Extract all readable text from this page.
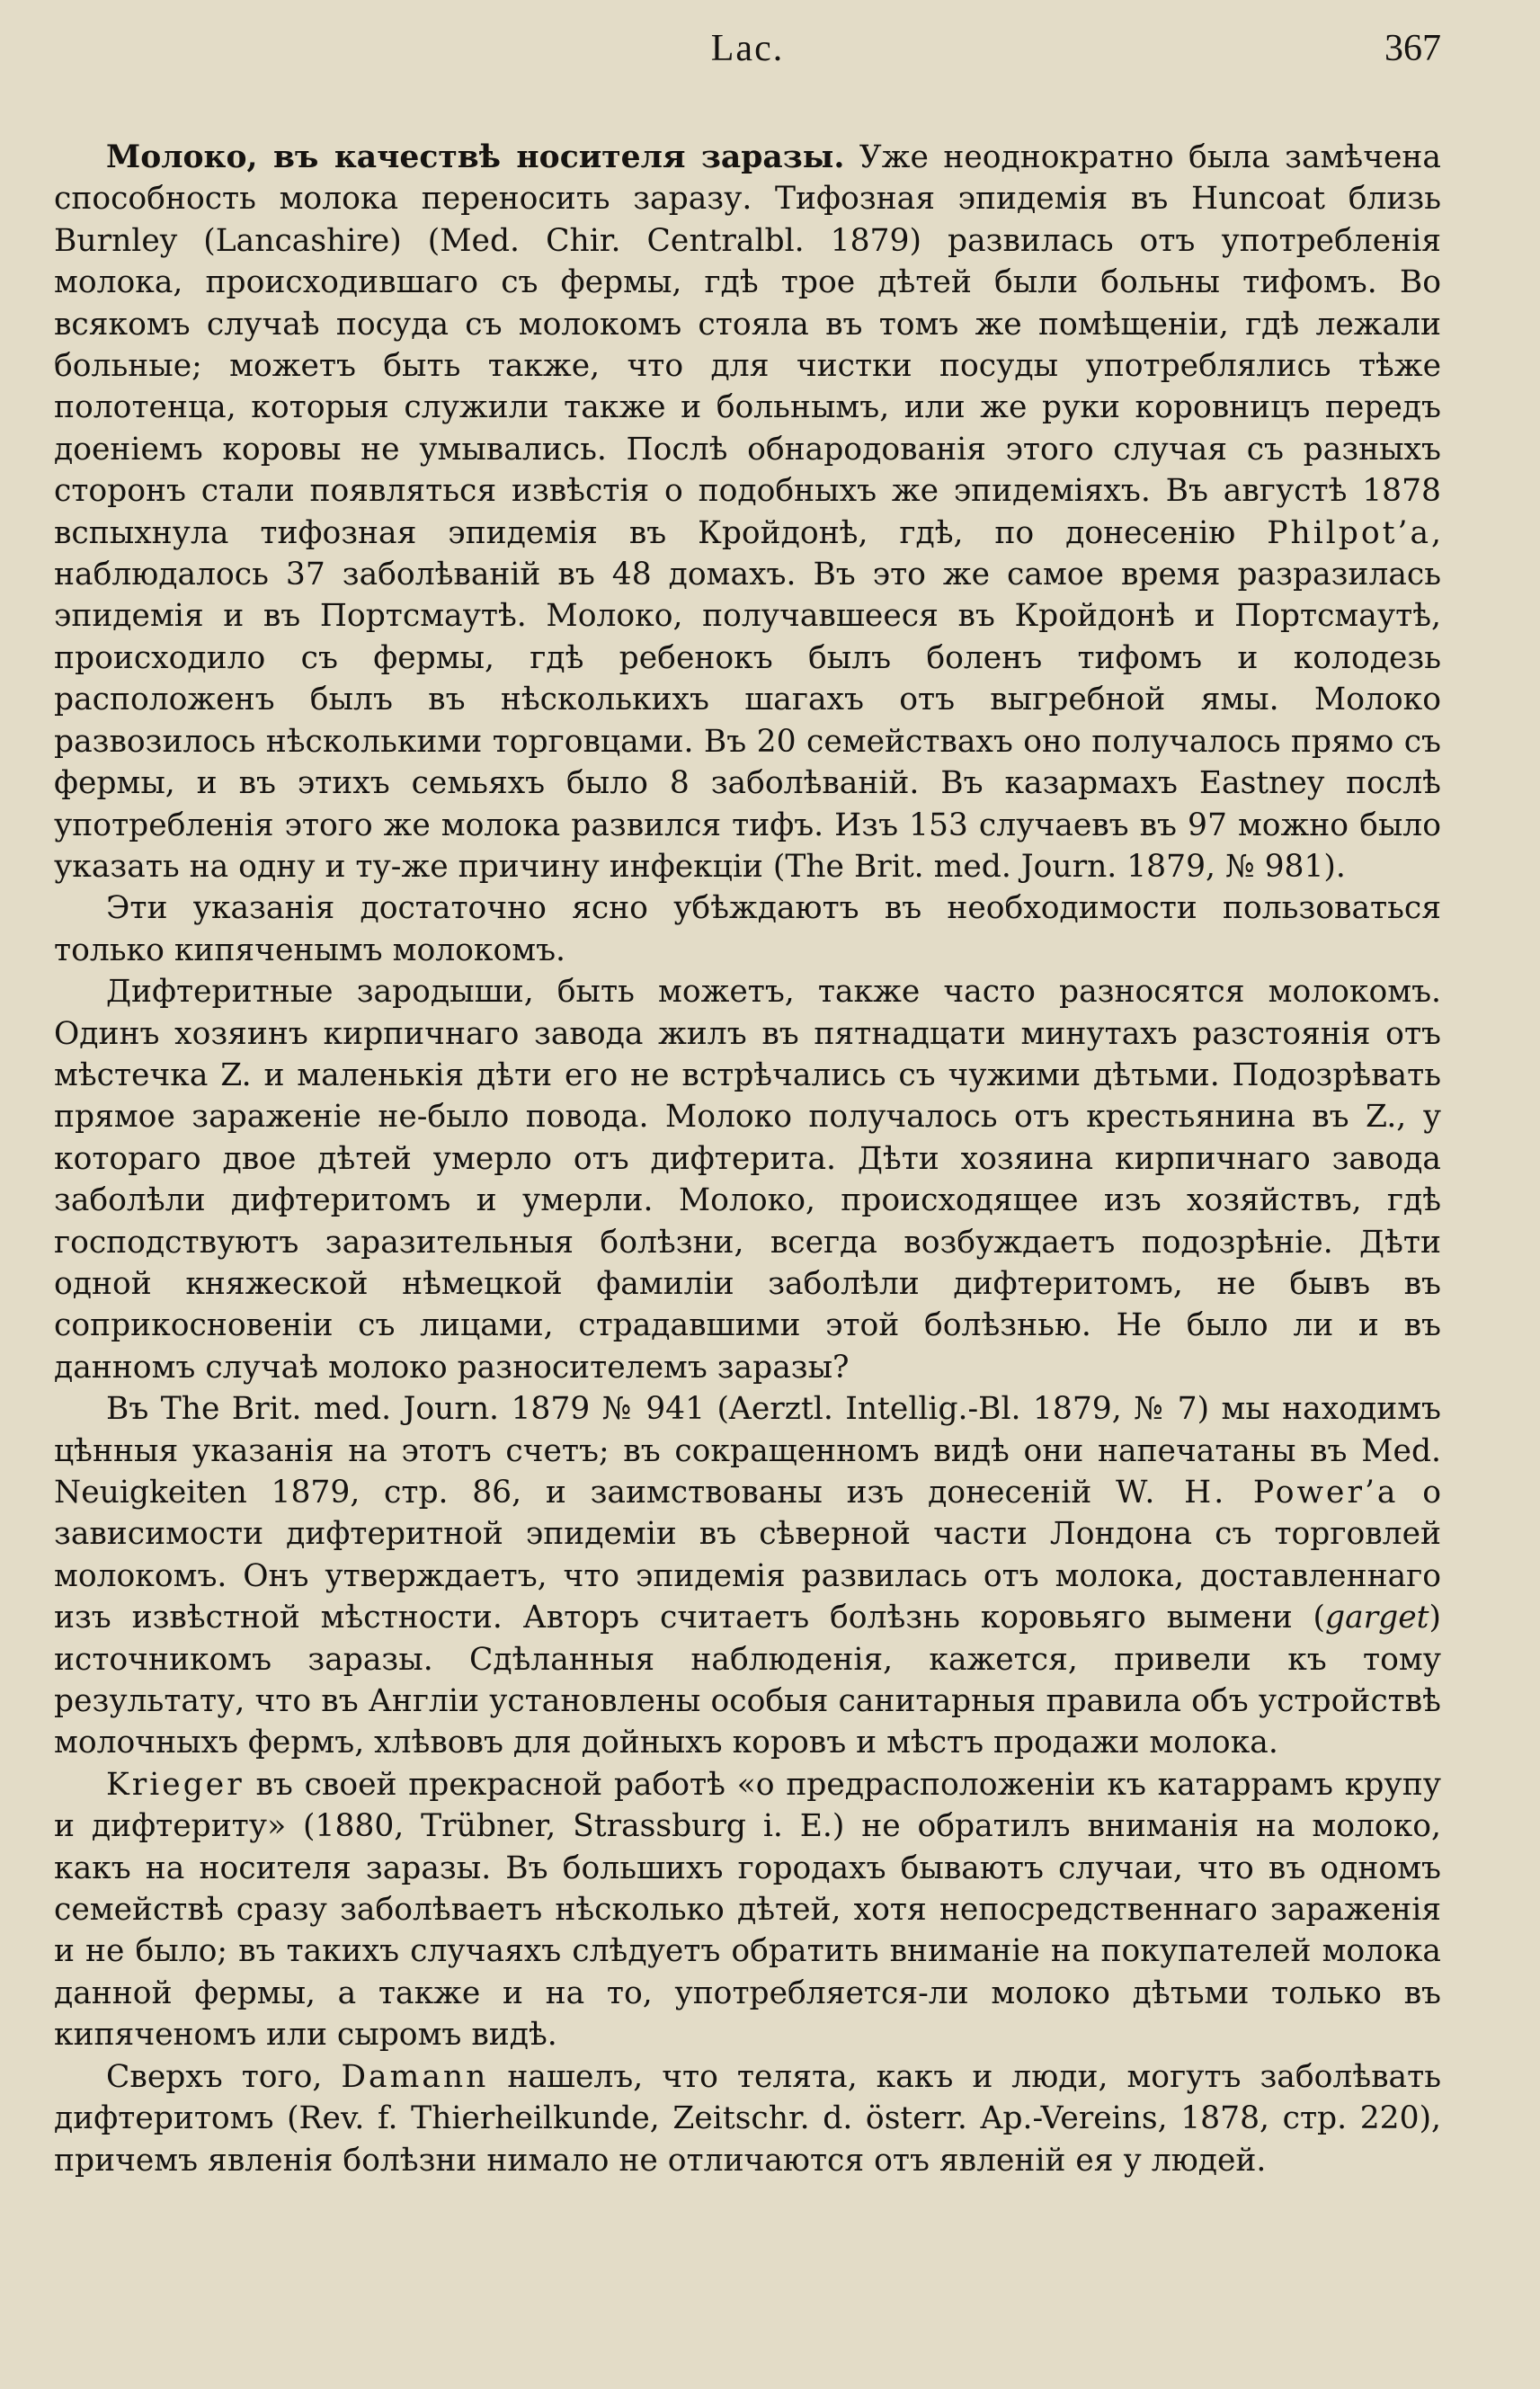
Lac.	367

Молоко, въ качествѣ носителя заразы. Уже неоднократно была замѣчена способность молока переносить заразу. Тифозная эпидемія въ Huncoat близь Burnley (Lancashire) (Med. Chir. Centralbl. 1879) развилась отъ употребленія молока, происходившаго съ фермы, гдѣ трое дѣтей были больны тифомъ. Во всякомъ случаѣ посуда съ молокомъ стояла въ томъ же помѣщеніи, гдѣ лежали больные; можетъ быть также, что для чистки посуды употреблялись тѣже полотенца, которыя служили также и больнымъ, или же руки коровницъ передъ доеніемъ коровы не умывались. Послѣ обнародованія этого случая съ разныхъ сторонъ стали появляться извѣстія о подобныхъ же эпидеміяхъ. Въ августѣ 1878 вспыхнула тифозная эпидемія въ Кройдонѣ, гдѣ, по донесенію Philpot’a, наблюдалось 37 заболѣваній въ 48 домахъ. Въ это же самое время разразилась эпидемія и въ Портсмаутѣ. Молоко, получавшееся въ Кройдонѣ и Портсмаутѣ, происходило съ фермы, гдѣ ребенокъ былъ боленъ тифомъ и колодезь расположенъ былъ въ нѣсколькихъ шагахъ отъ выгребной ямы. Молоко развозилось нѣсколькими торговцами. Въ 20 семействахъ оно получалось прямо съ фермы, и въ этихъ семьяхъ было 8 заболѣваній. Въ казармахъ Eastney послѣ употребленія этого же молока развился тифъ. Изъ 153 случаевъ въ 97 можно было указать на одну и ту-же причину инфекціи (The Brit. med. Journ. 1879, № 981).

Эти указанія достаточно ясно убѣждаютъ въ необходимости пользоваться только кипяченымъ молокомъ.

Дифтеритные зародыши, быть можетъ, также часто разносятся молокомъ. Одинъ хозяинъ кирпичнаго завода жилъ въ пятнадцати минутахъ разстоянія отъ мѣстечка Z. и маленькія дѣти его не встрѣчались съ чужими дѣтьми. Подозрѣвать прямое зараженіе не-было повода. Молоко получалось отъ крестьянина въ Z., у котораго двое дѣтей умерло отъ дифтерита. Дѣти хозяина кирпичнаго завода заболѣли дифтеритомъ и умерли. Молоко, происходящее изъ хозяйствъ, гдѣ господствуютъ заразительныя болѣзни, всегда возбуждаетъ подозрѣніе. Дѣти одной княжеской нѣмецкой фамиліи заболѣли дифтеритомъ, не бывъ въ соприкосновеніи съ лицами, страдавшими этой болѣзнью. Не было ли и въ данномъ случаѣ молоко разносителемъ заразы?

Въ The Brit. med. Journ. 1879 № 941 (Aerztl. Intellig.-Bl. 1879, № 7) мы находимъ цѣнныя указанія на этотъ счетъ; въ сокращенномъ видѣ они напечатаны въ Med. Neuigkeiten 1879, стр. 86, и заимствованы изъ донесеній W. H. Power’a о зависимости дифтеритной эпидеміи въ сѣверной части Лондона съ торговлей молокомъ. Онъ утверждаетъ, что эпидемія развилась отъ молока, доставленнаго изъ извѣстной мѣстности. Авторъ считаетъ болѣзнь коровьяго вымени (garget) источникомъ заразы. Сдѣланныя наблюденія, кажется, привели къ тому результату, что въ Англіи установлены особыя санитарныя правила объ устройствѣ молочныхъ фермъ, хлѣвовъ для дойныхъ коровъ и мѣстъ продажи молока.

Krieger въ своей прекрасной работѣ «о предрасположеніи къ катаррамъ крупу и дифтериту» (1880, Trübner, Strassburg i. E.) не обратилъ вниманія на молоко, какъ на носителя заразы. Въ большихъ городахъ бываютъ случаи, что въ одномъ семействѣ сразу заболѣваетъ нѣсколько дѣтей, хотя непосредственнаго зараженія и не было; въ такихъ случаяхъ слѣдуетъ обратить вниманіе на покупателей молока данной фермы, а также и на то, употребляется-ли молоко дѣтьми только въ кипяченомъ или сыромъ видѣ.

Сверхъ того, Damann нашелъ, что телята, какъ и люди, могутъ заболѣвать дифтеритомъ (Rev. f. Thierheilkunde, Zeitschr. d. österr. Ap.-Vereins, 1878, стр. 220), причемъ явленія болѣзни нимало не отличаются отъ явленій ея у людей.
